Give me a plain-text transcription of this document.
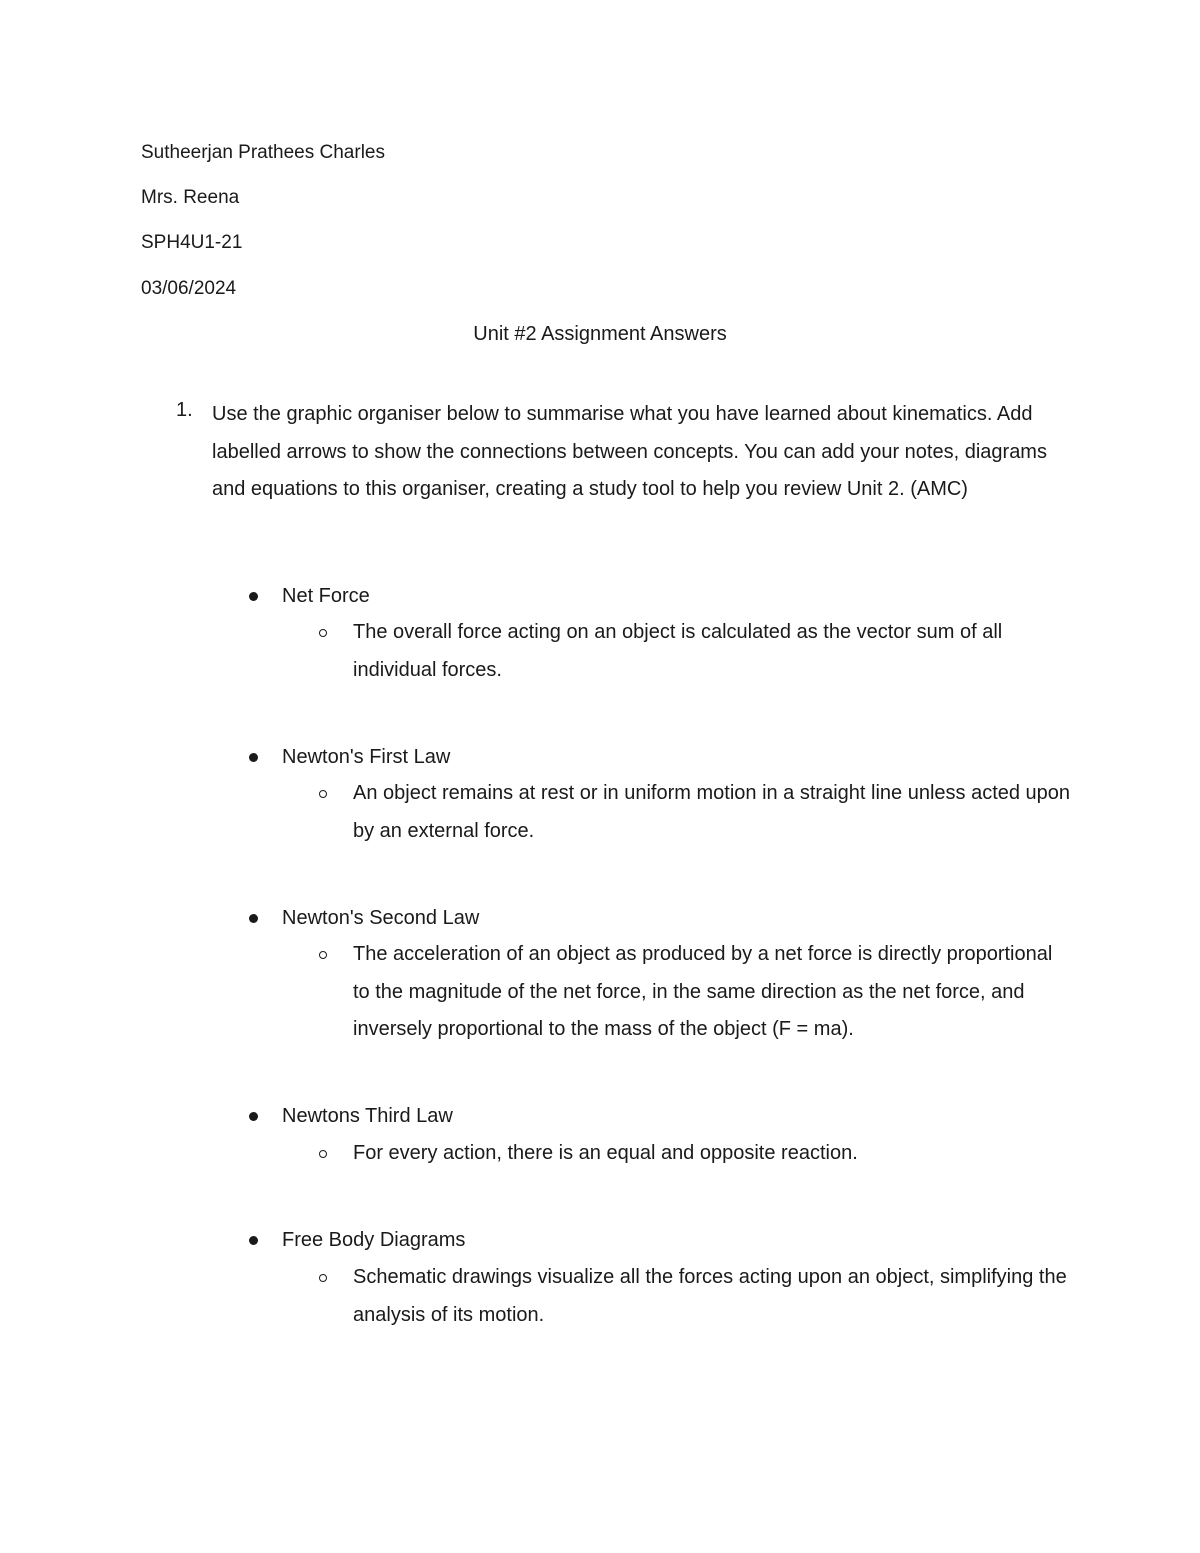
Sutheerjan Prathees Charles
Mrs. Reena
SPH4U1-21
03/06/2024
Unit #2 Assignment Answers
1. Use the graphic organiser below to summarise what you have learned about kinematics. Add labelled arrows to show the connections between concepts. You can add your notes, diagrams and equations to this organiser, creating a study tool to help you review Unit 2. (AMC)
Net Force
The overall force acting on an object is calculated as the vector sum of all individual forces.
Newton's First Law
An object remains at rest or in uniform motion in a straight line unless acted upon by an external force.
Newton's Second Law
The acceleration of an object as produced by a net force is directly proportional to the magnitude of the net force, in the same direction as the net force, and inversely proportional to the mass of the object (F = ma).
Newtons Third Law
For every action, there is an equal and opposite reaction.
Free Body Diagrams
Schematic drawings visualize all the forces acting upon an object, simplifying the analysis of its motion.
